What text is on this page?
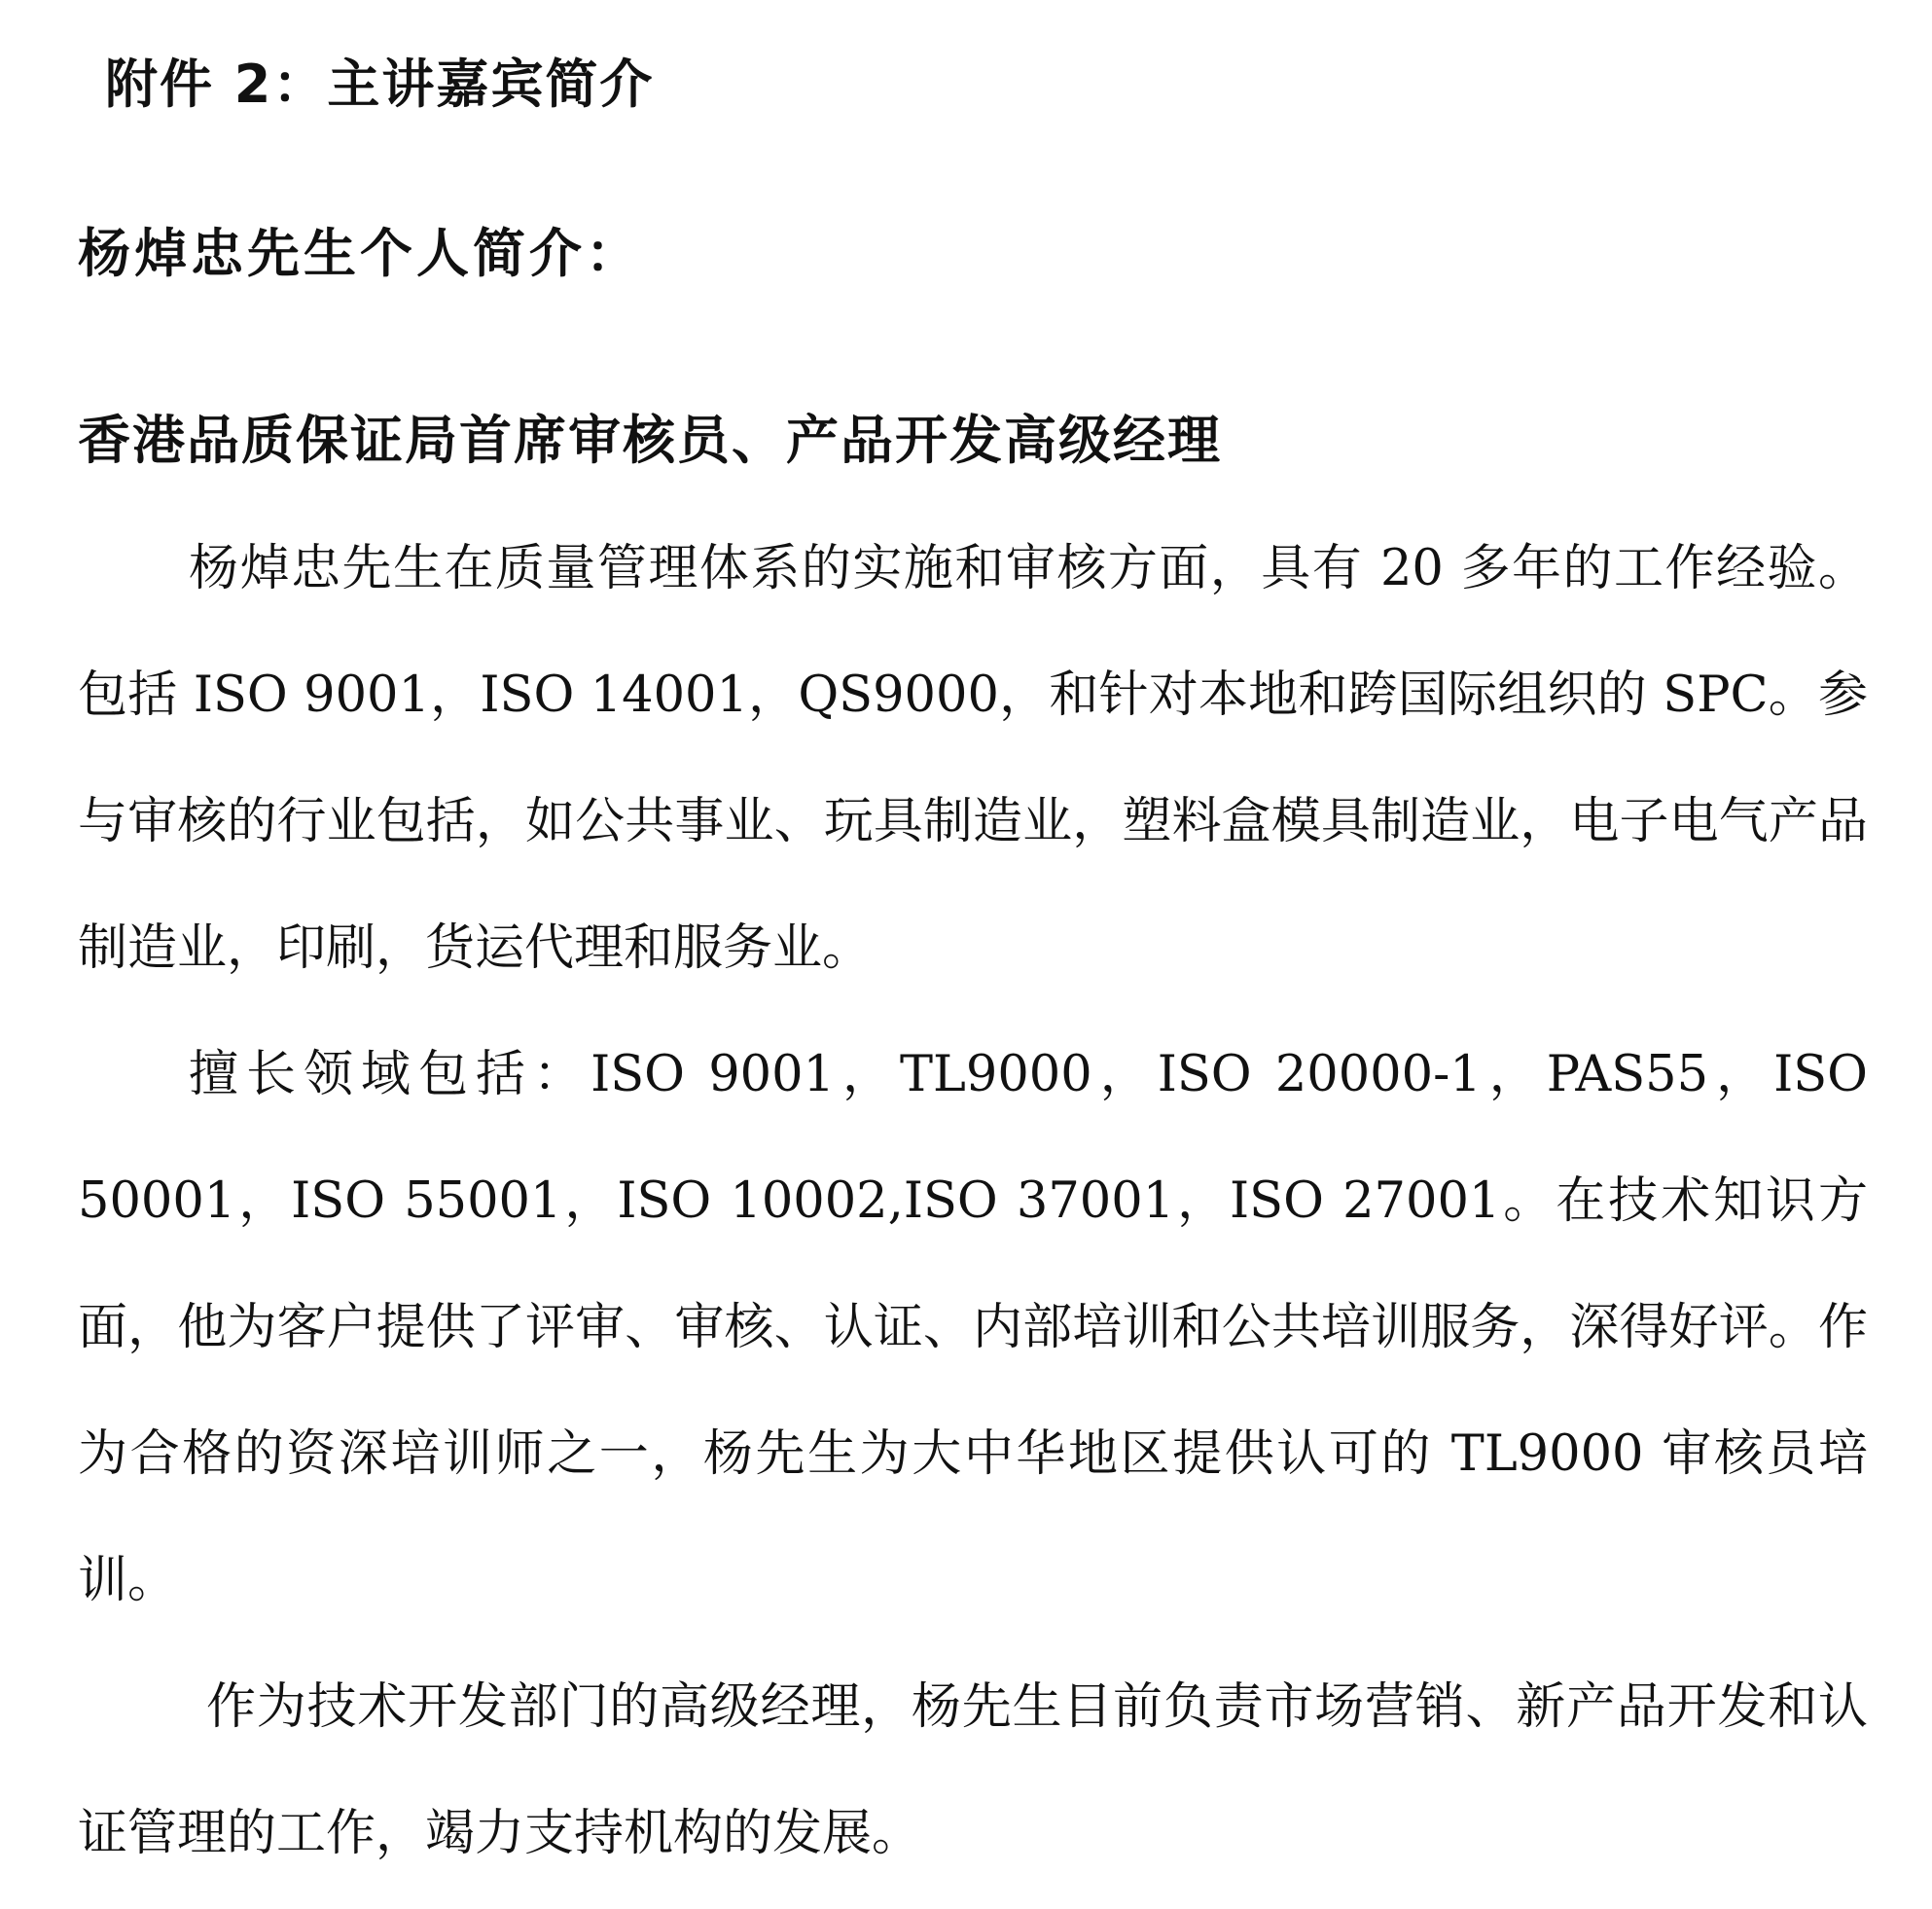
附件 2：主讲嘉宾简介
杨焯忠先生个人简介：
香港品质保证局首席审核员、产品开发高级经理

杨焯忠先生在质量管理体系的实施和审核方面，具有 20 多年的工作经验。包括 ISO 9001，ISO 14001，QS9000，和针对本地和跨国际组织的 SPC。参与审核的行业包括，如公共事业、玩具制造业，塑料盒模具制造业，电子电气产品制造业，印刷，货运代理和服务业。

擅长领域包括：ISO 9001，TL9000，ISO 20000-1，PAS55，ISO 50001，ISO 55001，ISO 10002,ISO 37001，ISO 27001。在技术知识方面，他为客户提供了评审、审核、认证、内部培训和公共培训服务，深得好评。作为合格的资深培训师之一，杨先生为大中华地区提供认可的 TL9000 审核员培训。

作为技术开发部门的高级经理，杨先生目前负责市场营销、新产品开发和认证管理的工作，竭力支持机构的发展。
